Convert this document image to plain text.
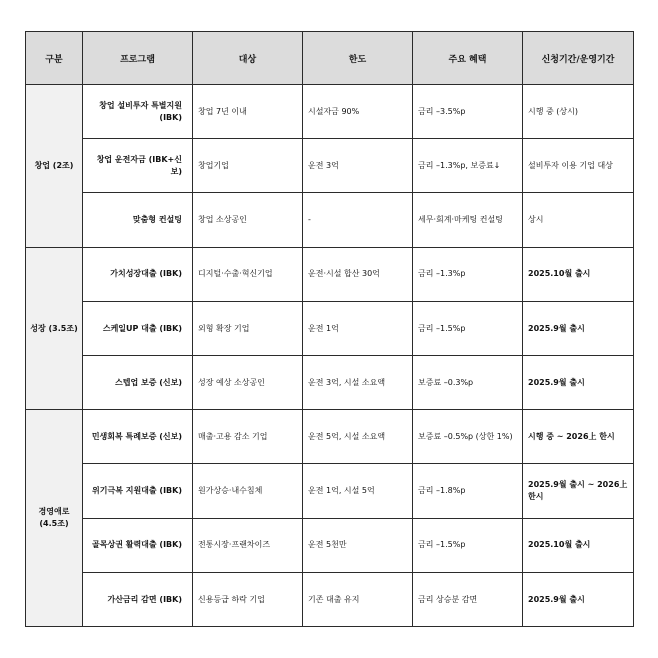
구분	프로그램	대상	한도	주요 혜택	신청기간/운영기간
창업 (2조)	창업 설비투자 특별지원 (IBK)	창업 7년 이내	시설자금 90%	금리 –3.5%p	시행 중 (상시)
	창업 운전자금 (IBK+신보)	창업기업	운전 3억	금리 –1.3%p, 보증료↓	설비투자 이용 기업 대상
	맞춤형 컨설팅	창업 소상공인	-	세무·회계·마케팅 컨설팅	상시
성장 (3.5조)	가치성장대출 (IBK)	디지털·수출·혁신기업	운전·시설 합산 30억	금리 –1.3%p	2025.10월 출시
	스케일UP 대출 (IBK)	외형 확장 기업	운전 1억	금리 –1.5%p	2025.9월 출시
	스텝업 보증 (신보)	성장 예상 소상공인	운전 3억, 시설 소요액	보증료 –0.3%p	2025.9월 출시
경영애로 (4.5조)	민생회복 특례보증 (신보)	매출·고용 감소 기업	운전 5억, 시설 소요액	보증료 –0.5%p (상한 1%)	시행 중 ~ 2026上 한시
	위기극복 지원대출 (IBK)	원가상승·내수침체	운전 1억, 시설 5억	금리 –1.8%p	2025.9월 출시 ~ 2026上 한시
	골목상권 활력대출 (IBK)	전통시장·프랜차이즈	운전 5천만	금리 –1.5%p	2025.10월 출시
	가산금리 감면 (IBK)	신용등급 하락 기업	기존 대출 유지	금리 상승분 감면	2025.9월 출시
